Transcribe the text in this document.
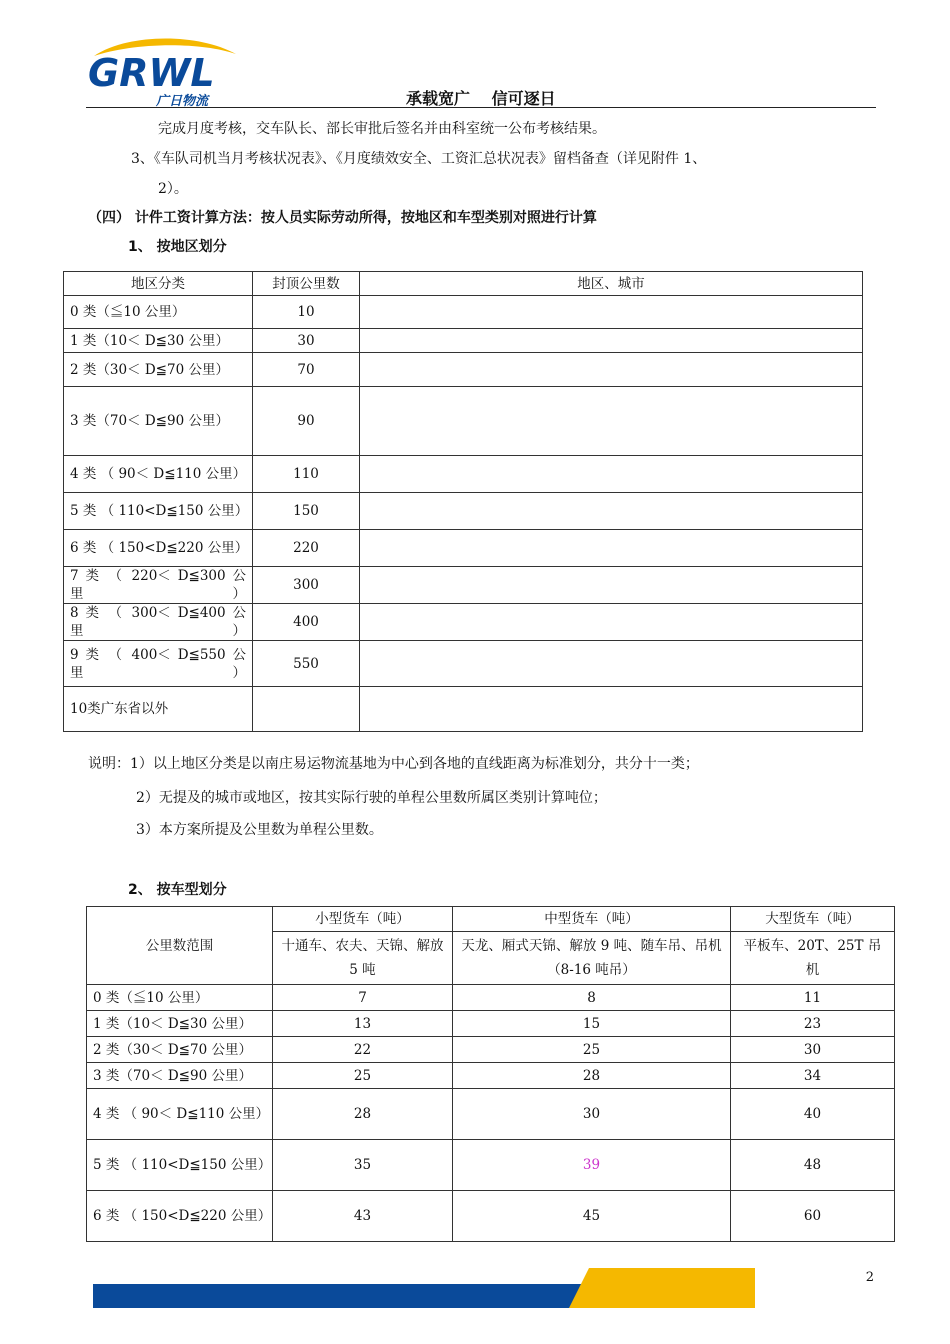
GRWL
广日物流	承载宽广　 信可逐日
完成月度考核，交车队长、部长审批后签名并由科室统一公布考核结果。
3、《车队司机当月考核状况表》、《月度绩效安全、工资汇总状况表》留档备查（详见附件 1、
2）。
（四） 计件工资计算方法：按人员实际劳动所得，按地区和车型类别对照进行计算
1、 按地区划分
地区分类	封顶公里数	地区、城市
0 类（≦10 公里）	10	
1 类（10＜ D≦30 公里）	30	
2 类（30＜ D≦70 公里）	70	
3 类（70＜ D≦90 公里）	90	

4 类 （ 90＜ D≦110 公里）	110	

5 类 （ 110<D≦150 公里）	150	

6 类 （ 150<D≦220 公里）	220	

7 类 （ 220＜ D≦300 公里）	300	

8 类 （ 300＜ D≦400 公里）	400	

9 类 （ 400＜ D≦550 公里）	550	
10类广东省以外		
说明：1）以上地区分类是以南庄易运物流基地为中心到各地的直线距离为标准划分，共分十一类；
2）无提及的城市或地区，按其实际行驶的单程公里数所属区类别计算吨位；
3）本方案所提及公里数为单程公里数。
2、 按车型划分
公里数范围	小型货车（吨）	中型货车（吨）	大型货车（吨）
	十通车、农夫、天锦、解放 5 吨	天龙、厢式天锦、解放 9 吨、随车吊、吊机（8-16 吨吊）	平板车、20T、25T 吊机
0 类（≦10 公里）	7	8	11
1 类（10＜ D≦30 公里）	13	15	23
2 类（30＜ D≦70 公里）	22	25	30
3 类（70＜ D≦90 公里）	25	28	34

4 类 （ 90＜ D≦110 公里）	28	30	40

5 类 （ 110<D≦150 公里）	35	39	48

6 类 （ 150<D≦220 公里）	43	45	60
2
